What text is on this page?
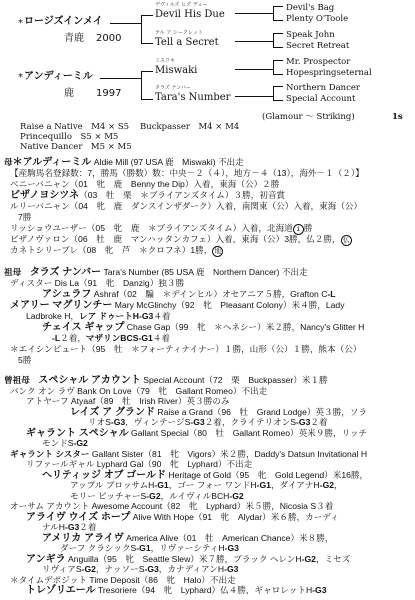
* ロージズインメイ
青鹿 2000
* アンディーミル
鹿 1997
デヴィルズ ヒズ デュー
Devil His Due
テル ア シークレット
Tell a Secret
ミスワキ
Miswaki
タラズ ナンバー
Tara's Number
Devil's Bag
Plenty O'Toole
Speak John
Secret Retreat
Mr. Prospector
Hopespringseternal
Northern Dancer
Special Account
(Glamour ～ Striking)	1s
Raise a Native　M4 × S5 Buckpasser　M4 × M4
Princequillo　S5 × M5
Native Dancer　M5 × M5
母＊アルディーミル Aldie Mill (97 USA 鹿　Miswaki) 不出走
【産駒馬名登録数：7，勝馬（勝数）数：中央－２（４），地方－４（13），海外－１（２）】
ベニーバニャン（01　牝　鹿　Benny the Dip）入着，東海（公）２勝
ビザノヨシツネ（03　牡　栗　＊ブライアンズタイム）３勝，初音賞
ルリーバニャン（04　牝　鹿　ダンスインザダーク）入着，南関東（公）入着，東海（公）
7勝
リッショウユーザー（05　牝　鹿　＊ブライアンズタイム）入着，北海道 1 勝
ビザノヴァロン（06　牡　鹿　マンハッタンカフェ）入着，東海（公）3勝，仏２勝， 仏
カネトシリーブレ（08　牝　芦　＊クロフネ）1勝， 地
祖母　 タラズ ナンバー Tara's Number (85 USA 鹿　Northern Dancer) 不出走
ディスター Dis La（91　牝　Danzig）独３勝
アシュラフ Ashraf（02　騙　＊デインヒル）オセアニア５勝，Grafton C-L
メアリー マグリンチー Mary McGlinchy（92　牝　Pleasant Colony）米４勝，Lady
Ladbroke H，レア ドゥートH-G3４着
チェイス ギャップ Chase Gap（99　牝　＊ヘネシー）米２勝，Nancy's Glitter H
-L２着，マザリンBCS-G1４着
＊エイシンビュート（95　牡　＊フォーティナイナー）１勝，山形（公）１勝，熊本（公）
5勝
曾祖母　 スペシャル アカウント Special Account（72　栗　Buckpasser）米１勝
バンク オン ラヴ Bank On Love（79　牝　Gallant Romeo）不出走
アトヤーフ Atyaaf（89　牡　Irish River）英３勝のみ
レイズ ア グランド Raise a Grand（96　牡　Grand Lodge）英３勝，ソラ
リオS-G3，ヴィンテージS-G3２着，クライテリオンS-G3２着
ギャラント スペシャル Gallant Special（80　牡　Gallant Romeo）英米９勝，リッチ
モンドS-G2
ギャラント シスター Gallant Sister（81　牝　Vigors）米２勝，Daddy's Datsun Invitational H
リファールギャル Lyphard Gal（90　牝　Lyphard）不出走
ヘリティッジ オブ ゴールド Heritage of Gold（95　牝　Gold Legend）米16勝，
アップル ブロッサムH-G1，ゴー フォー ワンドH-G1，ダイアナH-G2，
モリー ピッチャーS-G2，ルイヴィルBCH-G2
オーサム アカウント Awesome Account（82　牝　Lyphard）米５勝，Nicosia S３着
アライヴ ウイズ ホープ Alive With Hope（91　牝　Alydar）米６勝，カーディ
ナルH-G3２着
アメリカ アライヴ America Alive（01　牡　American Chance）米８勝，
ダーフ クラシックS-G1，リヴァーシティH-G3
アンギラ Anguilla（95　牝　Seattle Slew）米７勝，ブラック ヘレンH-G2，ミセズ
リヴィアS-G2，ナッソーS-G3，カナディアンH-G3
＊タイムデポジット Time Deposit（86　牝　Halo）不出走
トレゾリエール Tresoriere（94　牝　Lyphard）仏４勝，ギャロレットH-G3
